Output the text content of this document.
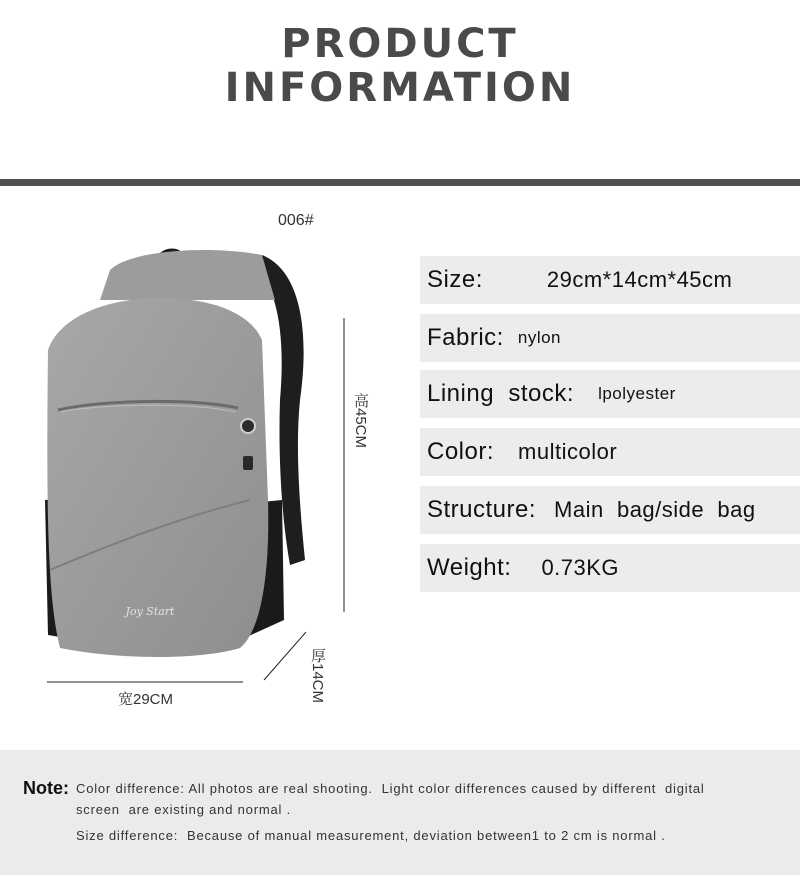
PRODUCT
INFORMATION
006#
Joy Start
高45CM
宽29CM	厚14CM
Size:	29cm*14cm*45cm
Fabric: nylon
Lining  stock: lpolyester
Color: multicolor
Structure: Main  bag/side  bag
Weight: 0.73KG
Note: Color difference: All photos are real shooting.  Light color differences caused by different  digital
screen  are existing and normal .
Size difference:  Because of manual measurement, deviation between1 to 2 cm is normal .
